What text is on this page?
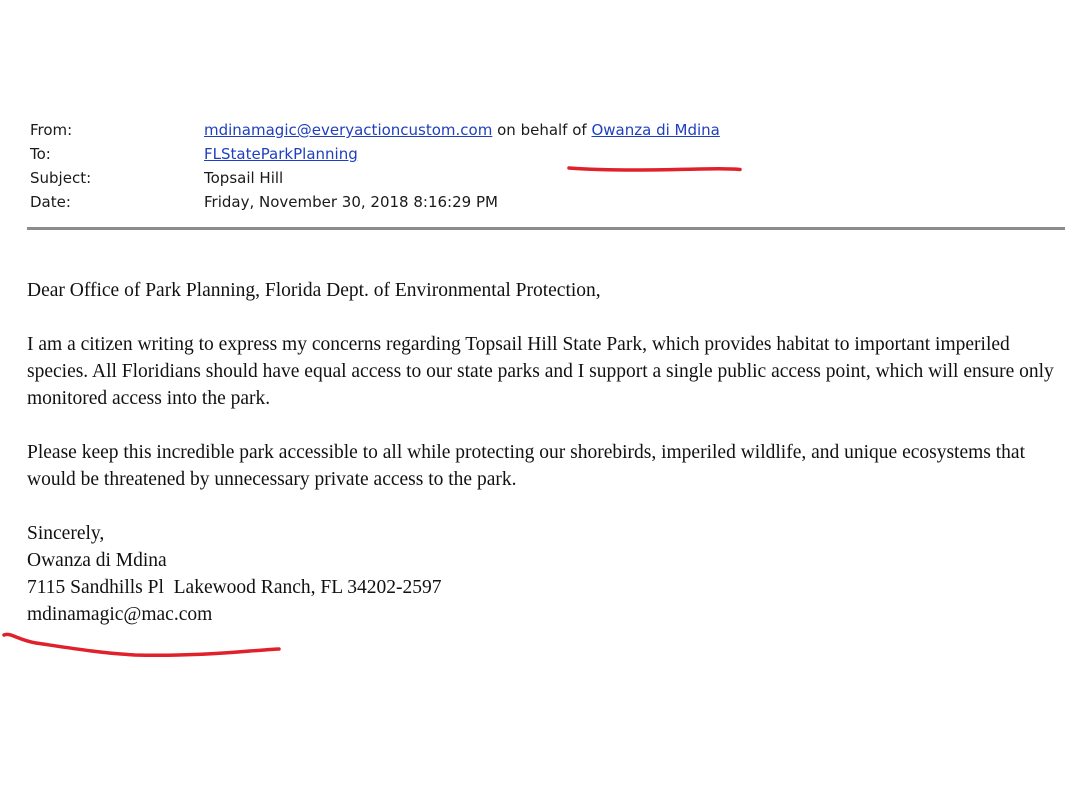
From:	mdinamagic@everyactioncustom.com on behalf of Owanza di Mdina
To:	FLStateParkPlanning
Subject:	Topsail Hill
Date:	Friday, November 30, 2018 8:16:29 PM

Dear Office of Park Planning, Florida Dept. of Environmental Protection,

I am a citizen writing to express my concerns regarding Topsail Hill State Park, which provides habitat to important imperiled species. All Floridians should have equal access to our state parks and I support a single public access point, which will ensure only monitored access into the park.

Please keep this incredible park accessible to all while protecting our shorebirds, imperiled wildlife, and unique ecosystems that would be threatened by unnecessary private access to the park.

Sincerely,

Owanza di Mdina

7115 Sandhills Pl  Lakewood Ranch, FL 34202-2597

mdinamagic@mac.com
